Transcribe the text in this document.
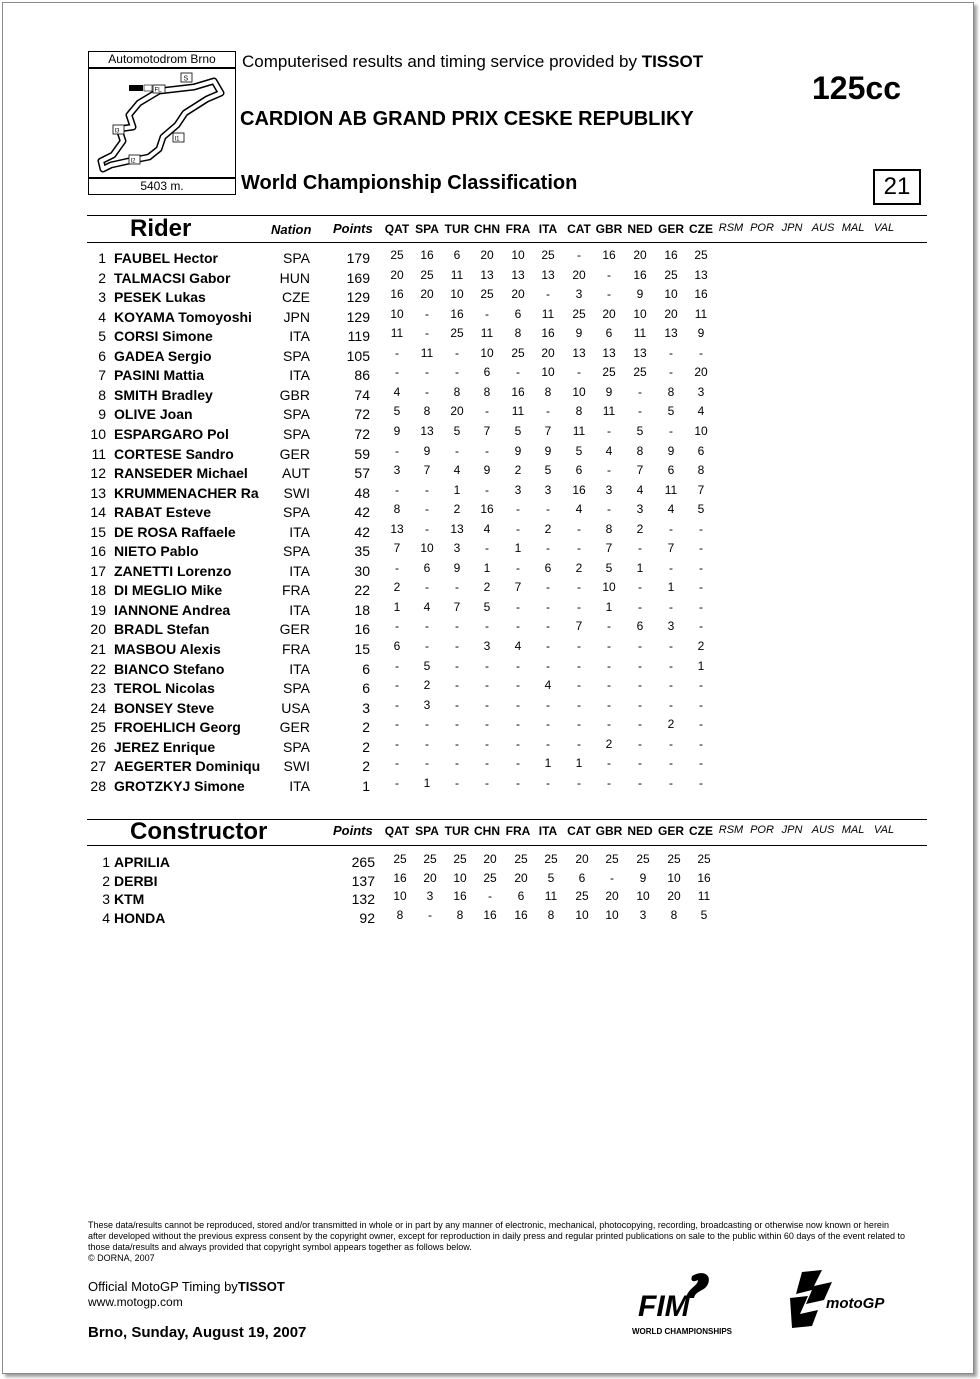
Automotodrom Brno
S
FL
I1
I2
I3
5403 m.
Computerised results and timing service provided by TISSOT
CARDION AB GRAND PRIX CESKE REPUBLIKY
World Championship Classification
125cc
21
Rider	Nation Points QAT SPA TUR CHN FRA ITA CAT GBR NED GER CZE RSM POR JPN AUS MAL VAL
1 FAUBEL Hector	SPA	179	25	16	6	20	10	25	-	16	20	16	25
2 TALMACSI Gabor	HUN	169	20	25	11	13	13	13	20	-	16	25	13
3 PESEK Lukas	CZE	129	16	20	10	25	20	-	3	-	9	10	16
4 KOYAMA Tomoyoshi	JPN	129	10	-	16	-	6	11	25	20	10	20	11
5 CORSI Simone	ITA	119	11	-	25	11	8	16	9	6	11	13	9
6 GADEA Sergio	SPA	105	-	11	-	10	25	20	13	13	13	-	-
7 PASINI Mattia	ITA	86	-	-	-	6	-	10	-	25	25	-	20
8 SMITH Bradley	GBR	74	4	-	8	8	16	8	10	9	-	8	3
9 OLIVE Joan	SPA	72	5	8	20	-	11	-	8	11	-	5	4
10 ESPARGARO Pol	SPA	72	9	13	5	7	5	7	11	-	5	-	10
11 CORTESE Sandro	GER	59	-	9	-	-	9	9	5	4	8	9	6
12 RANSEDER Michael	AUT	57	3	7	4	9	2	5	6	-	7	6	8
13 KRUMMENACHER Ra	SWI	48	-	-	1	-	3	3	16	3	4	11	7
14 RABAT Esteve	SPA	42	8	-	2	16	-	-	4	-	3	4	5
15 DE ROSA Raffaele	ITA	42	13	-	13	4	-	2	-	8	2	-	-
16 NIETO Pablo	SPA	35	7	10	3	-	1	-	-	7	-	7	-
17 ZANETTI Lorenzo	ITA	30	-	6	9	1	-	6	2	5	1	-	-
18 DI MEGLIO Mike	FRA	22	2	-	-	2	7	-	-	10	-	1	-
19 IANNONE Andrea	ITA	18	1	4	7	5	-	-	-	1	-	-	-
20 BRADL Stefan	GER	16	-	-	-	-	-	-	7	-	6	3	-
21 MASBOU Alexis	FRA	15	6	-	-	3	4	-	-	-	-	-	2
22 BIANCO Stefano	ITA	6	-	5	-	-	-	-	-	-	-	-	1
23 TEROL Nicolas	SPA	6	-	2	-	-	-	4	-	-	-	-	-
24 BONSEY Steve	USA	3	-	3	-	-	-	-	-	-	-	-	-
25 FROEHLICH Georg	GER	2	-	-	-	-	-	-	-	-	-	2	-
26 JEREZ Enrique	SPA	2	-	-	-	-	-	-	-	2	-	-	-
27 AEGERTER Dominiqu	SWI	2	-	-	-	-	-	1	1	-	-	-	-
28 GROTZKYJ Simone	ITA	1	-	1	-	-	-	-	-	-	-	-	-
Constructor	Points QAT SPA TUR CHN FRA ITA CAT GBR NED GER CZE RSM POR JPN AUS MAL VAL
1 APRILIA	265	25	25	25	20	25	25	20	25	25	25	25
2 DERBI	137	16	20	10	25	20	5	6	-	9	10	16
3 KTM	132	10	3	16	-	6	11	25	20	10	20	11
4 HONDA	92	8	-	8	16	16	8	10	10	3	8	5
These data/results cannot be reproduced, stored and/or transmitted in whole or in part by any manner of electronic, mechanical, photocopying, recording, broadcasting or otherwise now known or herein after developed without the previous express consent by the copyright owner, except for reproduction in daily press and regular printed publications on sale to the public within 60 days of the event related to those data/results and always provided that copyright symbol appears together as follows below.
© DORNA, 2007
Official MotoGP Timing byTISSOT
www.motogp.com
Brno, Sunday, August 19, 2007
FIM
WORLD CHAMPIONSHIPS
motoGP
